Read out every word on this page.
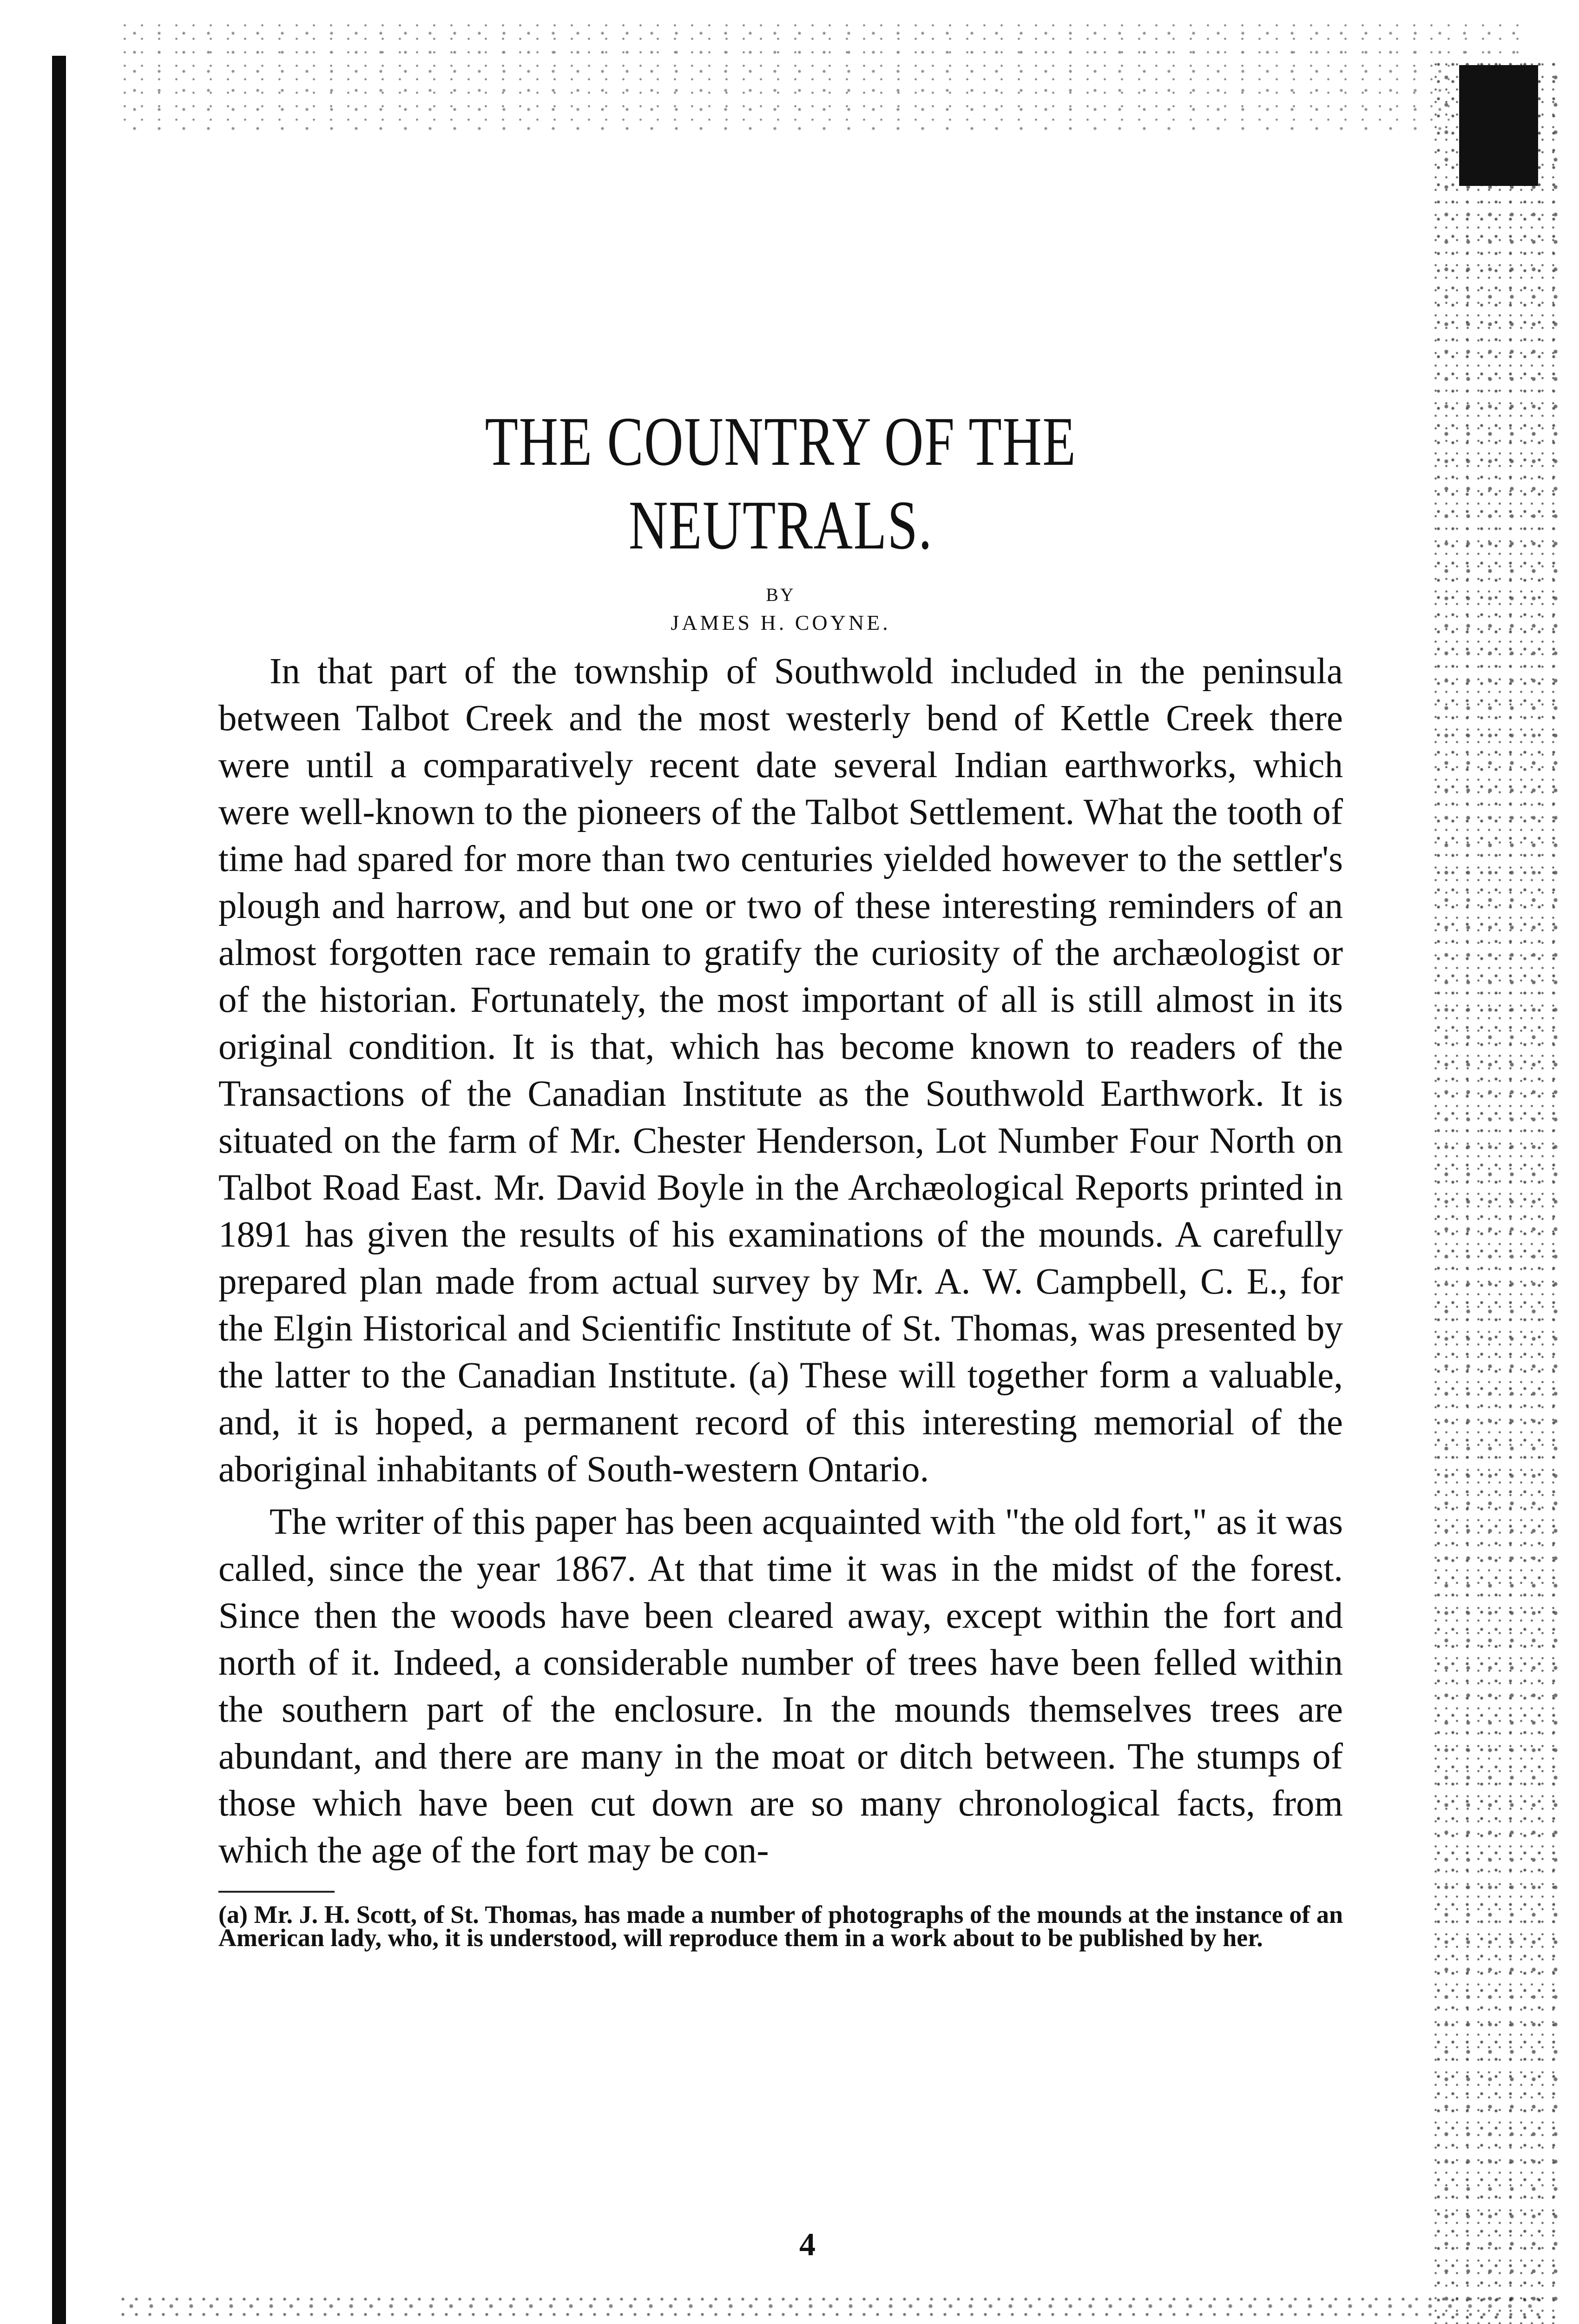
THE COUNTRY OF THE NEUTRALS.
BY
JAMES H. COYNE.

In that part of the township of Southwold included in the peninsula between Talbot Creek and the most westerly bend of Kettle Creek there were until a comparatively recent date several Indian earthworks, which were well-known to the pioneers of the Talbot Settlement. What the tooth of time had spared for more than two centuries yielded however to the settler's plough and harrow, and but one or two of these interesting reminders of an almost forgotten race remain to gratify the curiosity of the archæologist or of the historian. Fortunately, the most important of all is still almost in its original condition. It is that, which has become known to readers of the Transactions of the Canadian Institute as the Southwold Earthwork. It is situated on the farm of Mr. Chester Henderson, Lot Number Four North on Talbot Road East. Mr. David Boyle in the Archæological Reports printed in 1891 has given the results of his examinations of the mounds. A carefully prepared plan made from actual survey by Mr. A. W. Campbell, C. E., for the Elgin Historical and Scientific Institute of St. Thomas, was presented by the latter to the Canadian Institute. (a) These will together form a valuable, and, it is hoped, a permanent record of this interesting memorial of the aboriginal inhabitants of South-western Ontario.

The writer of this paper has been acquainted with "the old fort," as it was called, since the year 1867. At that time it was in the midst of the forest. Since then the woods have been cleared away, except within the fort and north of it. Indeed, a considerable number of trees have been felled within the southern part of the enclosure. In the mounds themselves trees are abundant, and there are many in the moat or ditch between. The stumps of those which have been cut down are so many chronological facts, from which the age of the fort may be con-

(a) Mr. J. H. Scott, of St. Thomas, has made a number of photographs of the mounds at the instance of an American lady, who, it is understood, will reproduce them in a work about to be published by her.

4
